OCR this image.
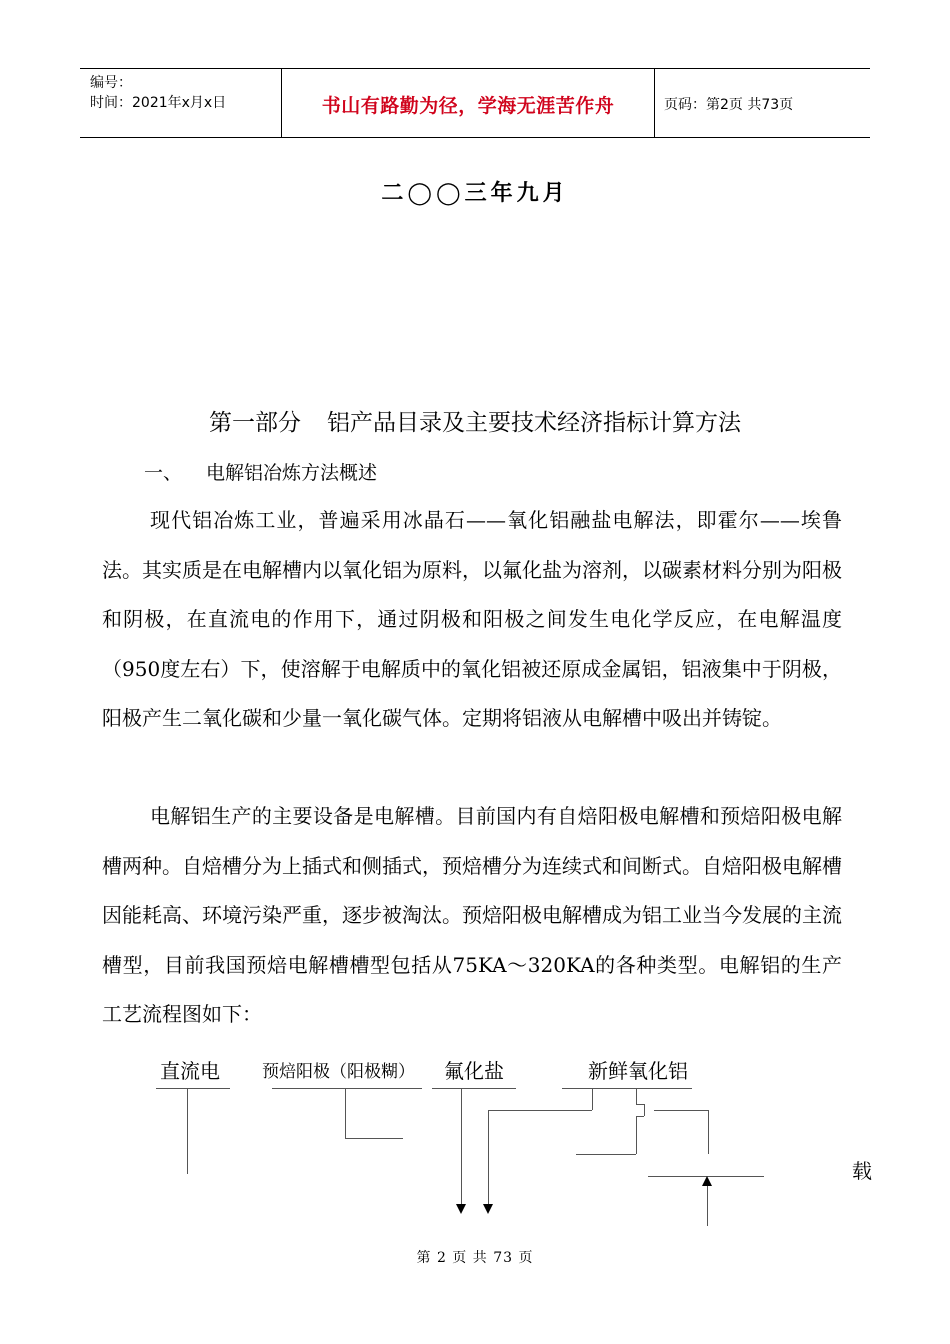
编号：
时间：2021年x月x日	书山有路勤为径，学海无涯苦作舟	页码：第2页 共73页
二◯◯三年九月
第一部分 铝产品目录及主要技术经济指标计算方法
一、 电解铝冶炼方法概述

现代铝冶炼工业，普遍采用冰晶石——氧化铝融盐电解法，即霍尔——埃鲁法。其实质是在电解槽内以氧化铝为原料，以氟化盐为溶剂，以碳素材料分别为阳极和阴极，在直流电的作用下，通过阴极和阳极之间发生电化学反应，在电解温度（950度左右）下，使溶解于电解质中的氧化铝被还原成金属铝，铝液集中于阴极，阳极产生二氧化碳和少量一氧化碳气体。定期将铝液从电解槽中吸出并铸锭。

电解铝生产的主要设备是电解槽。目前国内有自焙阳极电解槽和预焙阳极电解槽两种。自焙槽分为上插式和侧插式，预焙槽分为连续式和间断式。自焙阳极电解槽因能耗高、环境污染严重，逐步被淘汰。预焙阳极电解槽成为铝工业当今发展的主流槽型，目前我国预焙电解槽槽型包括从75KA～320KA的各种类型。电解铝的生产工艺流程图如下：

直流电 预焙阳极（阳极糊） 氟化盐	新鲜氧化铝
载
第 2 页 共 73 页
